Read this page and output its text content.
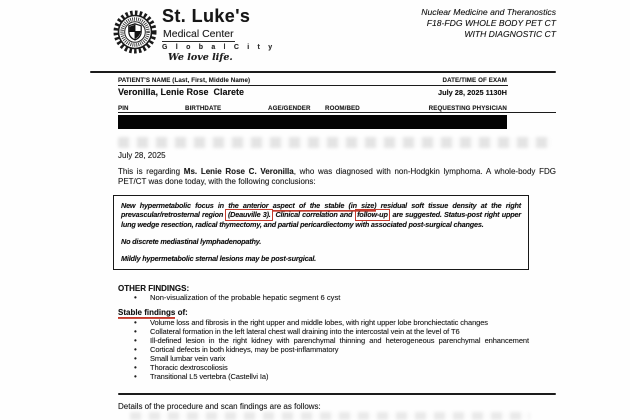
St. Luke's
Medical Center
G l o b a l C i t y
We love life.
Nuclear Medicine and Theranostics
F18-FDG WHOLE BODY PET CT
WITH DIAGNOSTIC CT
PATIENT'S NAME (Last, First, Middle Name)	DATE/TIME OF EXAM
Veronilla, Lenie Rose  Clarete	July 28, 2025 1130H
PIN	BIRTHDATE	AGE/GENDER ROOM/BED	REQUESTING PHYSICIAN
July 28, 2025
This is regarding Ms. Lenie Rose C. Veronilla, who was diagnosed with non-Hodgkin lymphoma. A whole-body FDG PET/CT was done today, with the following conclusions:

New hypermetabolic focus in the anterior aspect of the stable (in size) residual soft tissue density at the right prevascular/retrosternal region (Deauville 3). Clinical correlation and follow-up are suggested. Status-post right upper lung wedge resection, radical thymectomy, and partial pericardiectomy with associated post-surgical changes.

No discrete mediastinal lymphadenopathy.

Mildly hypermetabolic sternal lesions may be post-surgical.

OTHER FINDINGS:
• Non-visualization of the probable hepatic segment 6 cyst
Stable findings of:
• Volume loss and fibrosis in the right upper and middle lobes, with right upper lobe bronchiectatic changes
• Collateral formation in the left lateral chest wall draining into the intercostal vein at the level of T6
• Ill-defined lesion in the right kidney with parenchymal thinning and heterogeneous parenchymal enhancement
• Cortical defects in both kidneys, may be post-inflammatory
• Small lumbar vein varix
• Thoracic dextroscoliosis
• Transitional L5 vertebra (Castellvi Ia)
Details of the procedure and scan findings are as follows:
